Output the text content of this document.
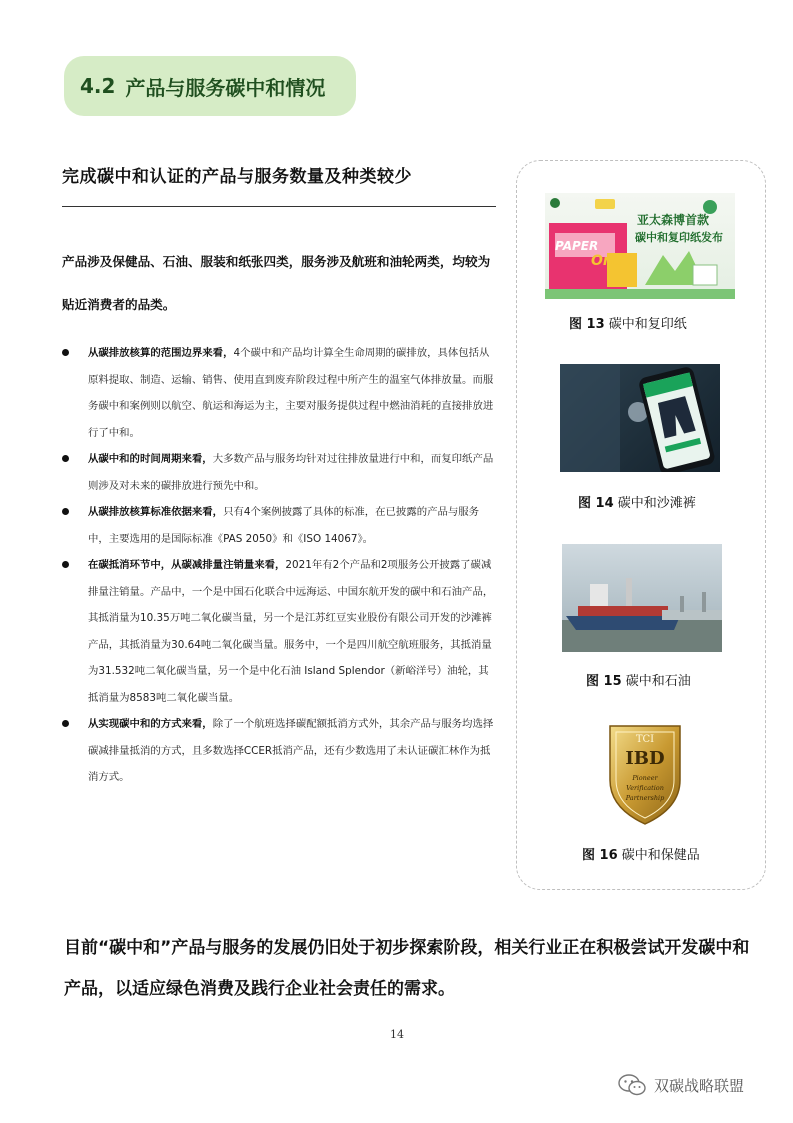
4.2 产品与服务碳中和情况
完成碳中和认证的产品与服务数量及种类较少
产品涉及保健品、石油、服装和纸张四类，服务涉及航班和油轮两类，均较为贴近消费者的品类。
从碳排放核算的范围边界来看，4个碳中和产品均计算全生命周期的碳排放，具体包括从原料提取、制造、运输、销售、使用直到废弃阶段过程中所产生的温室气体排放量。而服务碳中和案例则以航空、航运和海运为主，主要对服务提供过程中燃油消耗的直接排放进行了中和。
从碳中和的时间周期来看，大多数产品与服务均针对过往排放量进行中和，而复印纸产品则涉及对未来的碳排放进行预先中和。
从碳排放核算标准依据来看，只有4个案例披露了具体的标准，在已披露的产品与服务中，主要选用的是国际标准《PAS 2050》和《ISO 14067》。
在碳抵消环节中，从碳减排量注销量来看，2021年有2个产品和2项服务公开披露了碳减排量注销量。产品中，一个是中国石化联合中远海运、中国东航开发的碳中和石油产品，其抵消量为10.35万吨二氧化碳当量，另一个是江苏红豆实业股份有限公司开发的沙滩裤产品，其抵消量为30.64吨二氧化碳当量。服务中，一个是四川航空航班服务，其抵消量为31.532吨二氧化碳当量，另一个是中化石油 Island Splendor（新峪洋号）油轮，其抵消量为8583吨二氧化碳当量。
从实现碳中和的方式来看，除了一个航班选择碳配额抵消方式外，其余产品与服务均选择碳减排量抵消的方式，且多数选择CCER抵消产品，还有少数选用了未认证碳汇林作为抵消方式。
PAPER
One
亚太森博首款
碳中和复印纸发布
图 13 碳中和复印纸
图 14 碳中和沙滩裤
图 15 碳中和石油
TCI
IBD
Pioneer
Verification
Partnership
图 16 碳中和保健品
目前“碳中和”产品与服务的发展仍旧处于初步探索阶段，相关行业正在积极尝试开发碳中和产品，以适应绿色消费及践行企业社会责任的需求。
14
双碳战略联盟
